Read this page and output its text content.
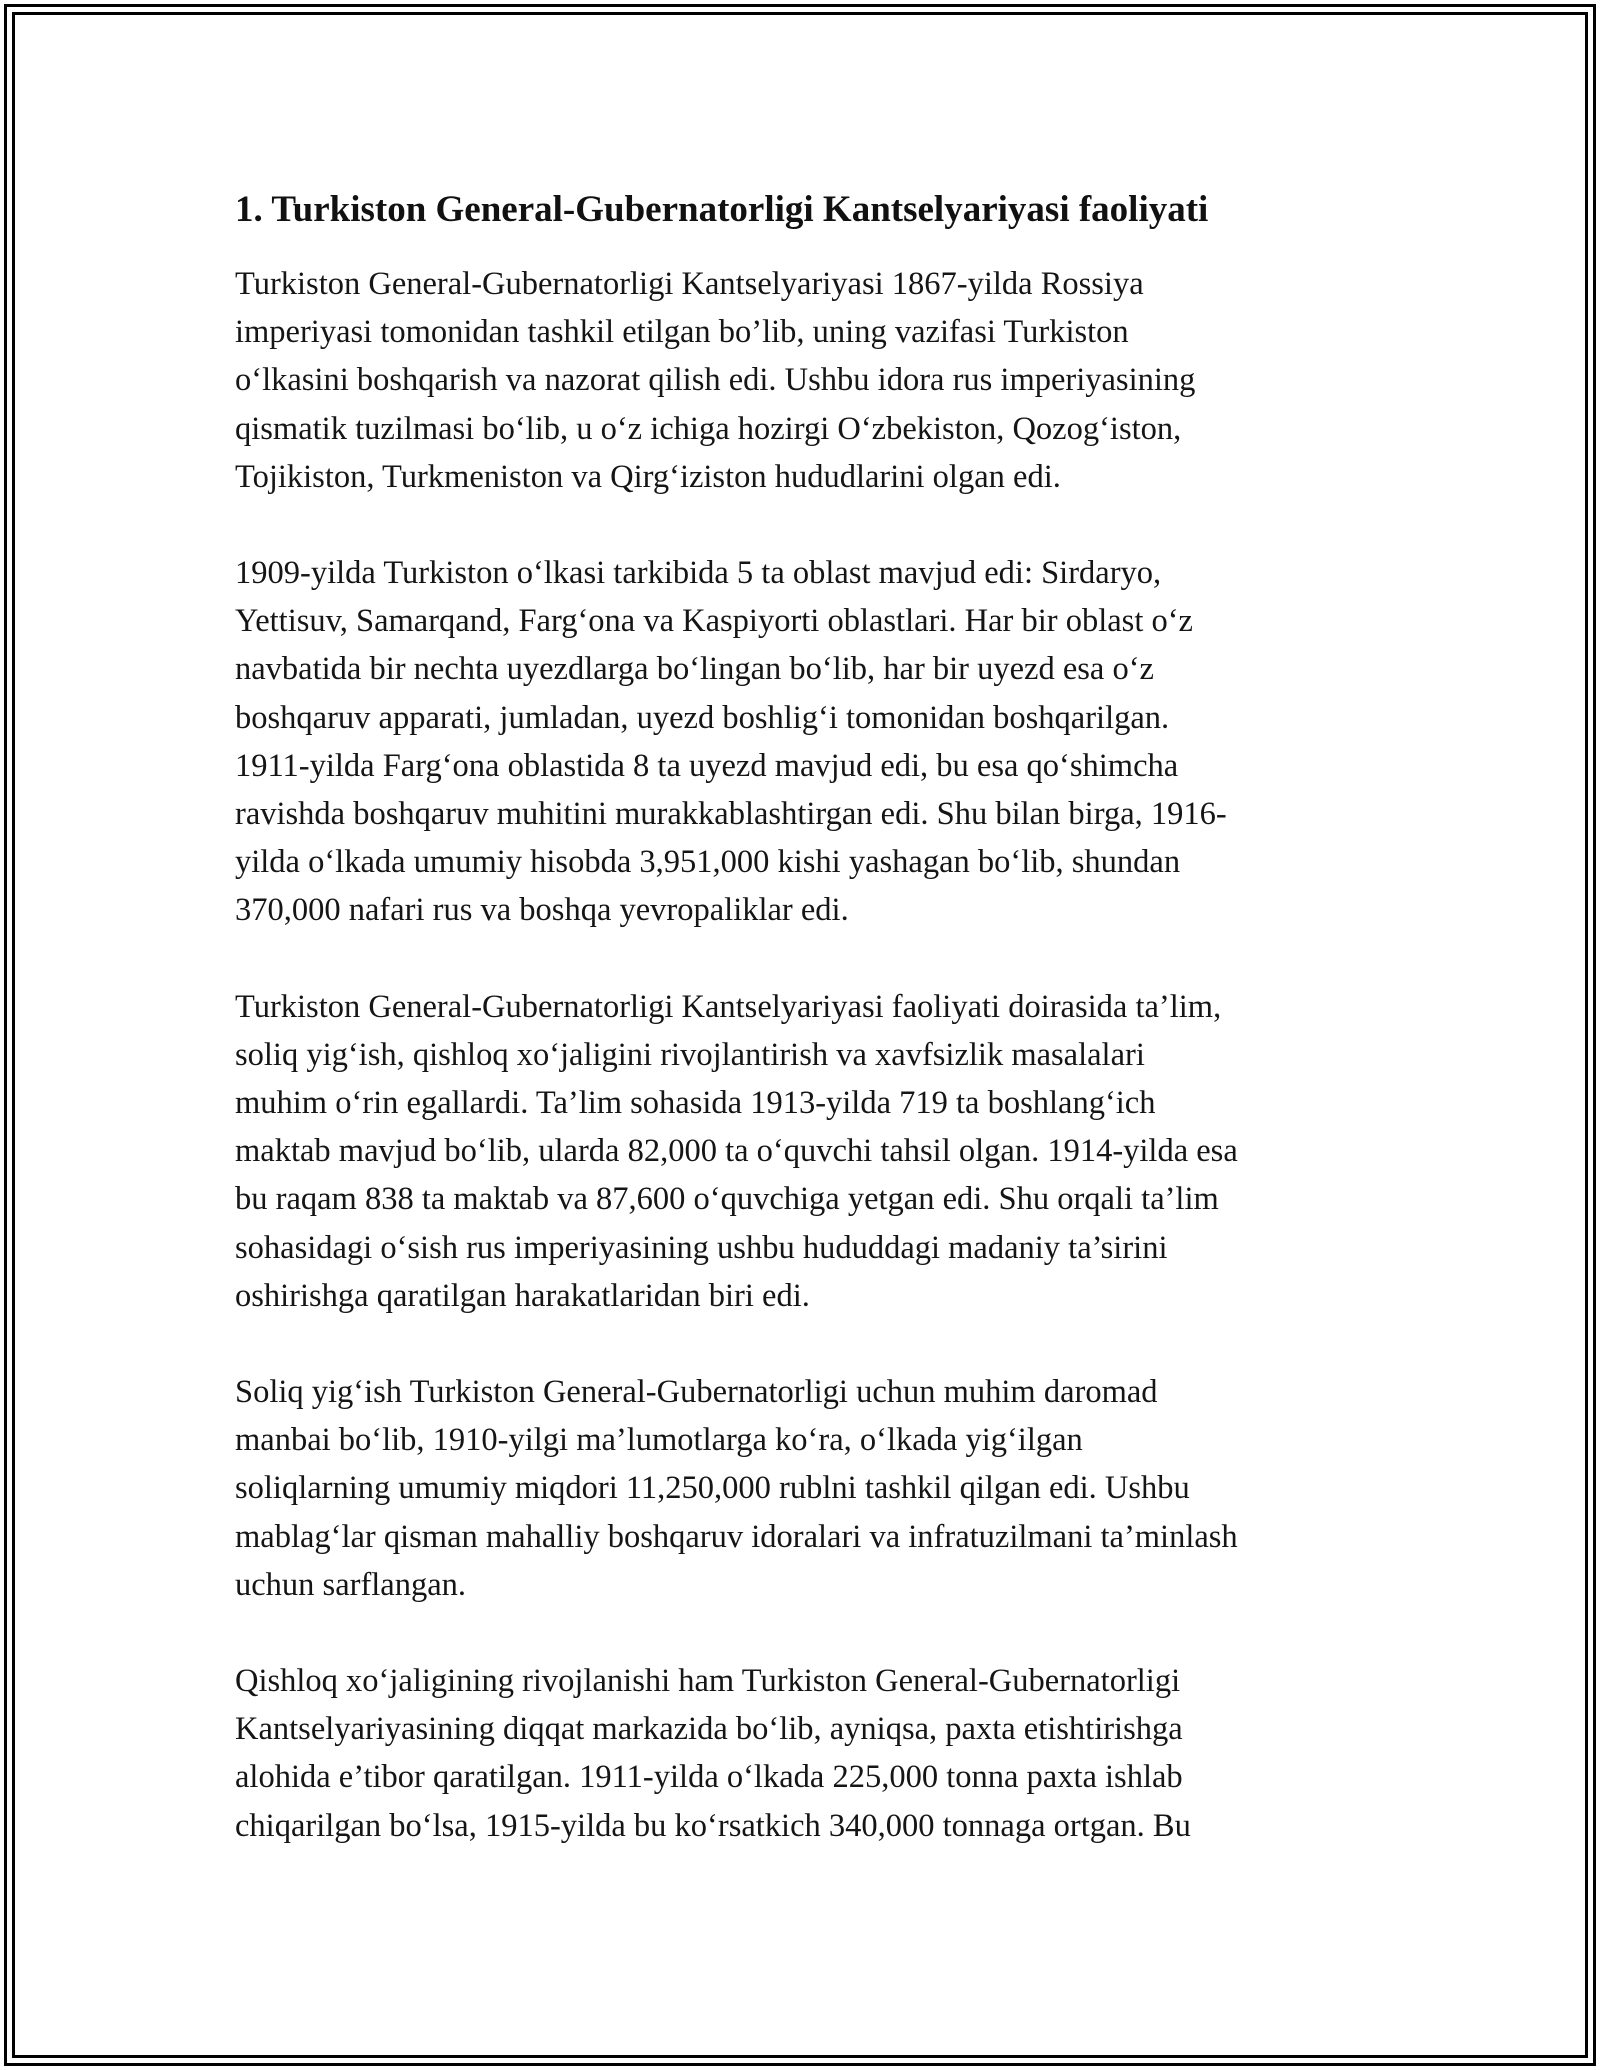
1. Turkiston General-Gubernatorligi Kantselyariyasi faoliyati

Turkiston General-Gubernatorligi Kantselyariyasi 1867-yilda Rossiya
imperiyasi tomonidan tashkil etilgan bo’lib, uning vazifasi Turkiston
o‘lkasini boshqarish va nazorat qilish edi. Ushbu idora rus imperiyasining
qismatik tuzilmasi bo‘lib, u o‘z ichiga hozirgi O‘zbekiston, Qozog‘iston,
Tojikiston, Turkmeniston va Qirg‘iziston hududlarini olgan edi.

1909-yilda Turkiston o‘lkasi tarkibida 5 ta oblast mavjud edi: Sirdaryo,
Yettisuv, Samarqand, Farg‘ona va Kaspiyorti oblastlari. Har bir oblast o‘z
navbatida bir nechta uyezdlarga bo‘lingan bo‘lib, har bir uyezd esa o‘z
boshqaruv apparati, jumladan, uyezd boshlig‘i tomonidan boshqarilgan.
1911-yilda Farg‘ona oblastida 8 ta uyezd mavjud edi, bu esa qo‘shimcha
ravishda boshqaruv muhitini murakkablashtirgan edi. Shu bilan birga, 1916-
yilda o‘lkada umumiy hisobda 3,951,000 kishi yashagan bo‘lib, shundan
370,000 nafari rus va boshqa yevropaliklar edi.

Turkiston General-Gubernatorligi Kantselyariyasi faoliyati doirasida ta’lim,
soliq yig‘ish, qishloq xo‘jaligini rivojlantirish va xavfsizlik masalalari
muhim o‘rin egallardi. Ta’lim sohasida 1913-yilda 719 ta boshlang‘ich
maktab mavjud bo‘lib, ularda 82,000 ta o‘quvchi tahsil olgan. 1914-yilda esa
bu raqam 838 ta maktab va 87,600 o‘quvchiga yetgan edi. Shu orqali ta’lim
sohasidagi o‘sish rus imperiyasining ushbu hududdagi madaniy ta’sirini
oshirishga qaratilgan harakatlaridan biri edi.

Soliq yig‘ish Turkiston General-Gubernatorligi uchun muhim daromad
manbai bo‘lib, 1910-yilgi ma’lumotlarga ko‘ra, o‘lkada yig‘ilgan
soliqlarning umumiy miqdori 11,250,000 rublni tashkil qilgan edi. Ushbu
mablag‘lar qisman mahalliy boshqaruv idoralari va infratuzilmani ta’minlash
uchun sarflangan.

Qishloq xo‘jaligining rivojlanishi ham Turkiston General-Gubernatorligi
Kantselyariyasining diqqat markazida bo‘lib, ayniqsa, paxta etishtirishga
alohida e’tibor qaratilgan. 1911-yilda o‘lkada 225,000 tonna paxta ishlab
chiqarilgan bo‘lsa, 1915-yilda bu ko‘rsatkich 340,000 tonnaga ortgan. Bu
